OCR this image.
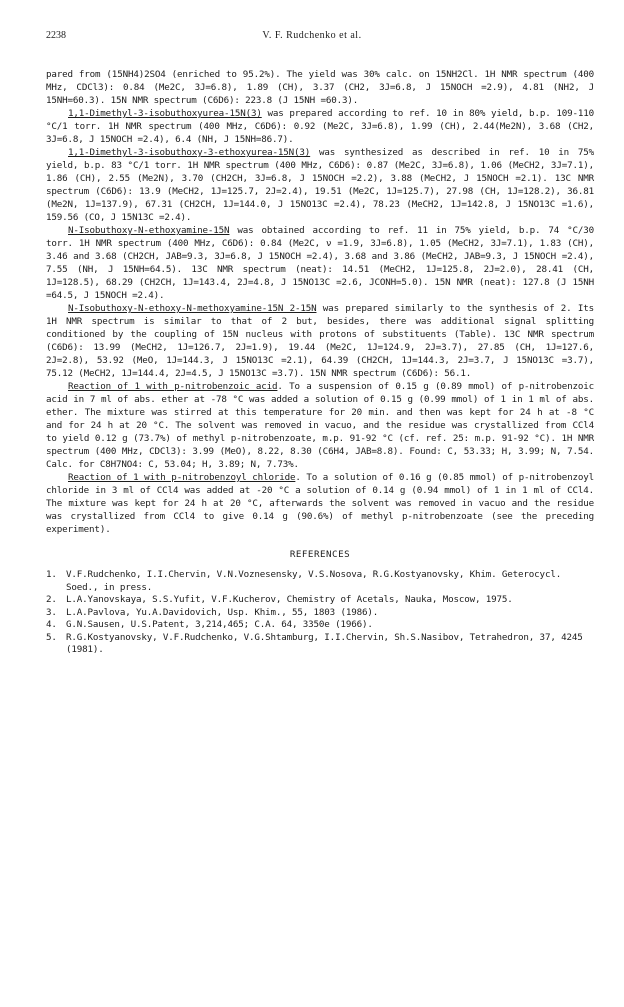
2238	V. F. Rudchenko et al.

pared from (15NH4)2SO4 (enriched to 95.2%). The yield was 30% calc. on 15NH2Cl. 1H NMR spectrum (400 MHz, CDCl3): 0.84 (Me2C, 3J=6.8), 1.89 (CH), 3.37 (CH2, 3J=6.8, J 15NOCH =2.9), 4.81 (NH2, J 15NH=60.3). 15N NMR spectrum (C6D6): 223.8 (J 15NH =60.3).

1,1-Dimethyl-3-isobuthoxyurea-15N(3) was prepared according to ref. 10 in 80% yield, b.p. 109-110 °C/1 torr. 1H NMR spectrum (400 MHz, C6D6): 0.92 (Me2C, 3J=6.8), 1.99 (CH), 2.44(Me2N), 3.68 (CH2, 3J=6.8, J 15NOCH =2.4), 6.4 (NH, J 15NH=86.7).

1,1-Dimethyl-3-isobuthoxy-3-ethoxyurea-15N(3) was synthesized as described in ref. 10 in 75% yield, b.p. 83 °C/1 torr. 1H NMR spectrum (400 MHz, C6D6): 0.87 (Me2C, 3J=6.8), 1.06 (MeCH2, 3J=7.1), 1.86 (CH), 2.55 (Me2N), 3.70 (CH2CH, 3J=6.8, J 15NOCH =2.2), 3.88 (MeCH2, J 15NOCH =2.1). 13C NMR spectrum (C6D6): 13.9 (MeCH2, 1J=125.7, 2J=2.4), 19.51 (Me2C, 1J=125.7), 27.98 (CH, 1J=128.2), 36.81 (Me2N, 1J=137.9), 67.31 (CH2CH, 1J=144.0, J 15NO13C =2.4), 78.23 (MeCH2, 1J=142.8, J 15NO13C =1.6), 159.56 (CO, J 15N13C =2.4).

N-Isobuthoxy-N-ethoxyamine-15N was obtained according to ref. 11 in 75% yield, b.p. 74 °C/30 torr. 1H NMR spectrum (400 MHz, C6D6): 0.84 (Me2C, ν =1.9, 3J=6.8), 1.05 (MeCH2, 3J=7.1), 1.83 (CH), 3.46 and 3.68 (CH2CH, JAB=9.3, 3J=6.8, J 15NOCH =2.4), 3.68 and 3.86 (MeCH2, JAB=9.3, J 15NOCH =2.4), 7.55 (NH, J 15NH=64.5). 13C NMR spectrum (neat): 14.51 (MeCH2, 1J=125.8, 2J=2.0), 28.41 (CH, 1J=128.5), 68.29 (CH2CH, 1J=143.4, 2J=4.8, J 15NO13C =2.6, JCONH=5.0). 15N NMR (neat): 127.8 (J 15NH =64.5, J 15NOCH =2.4).

N-Isobuthoxy-N-ethoxy-N-methoxyamine-15N 2-15N was prepared similarly to the synthesis of 2. Its 1H NMR spectrum is similar to that of 2 but, besides, there was additional signal splitting conditioned by the coupling of 15N nucleus with protons of substituents (Table). 13C NMR spectrum (C6D6): 13.99 (MeCH2, 1J=126.7, 2J=1.9), 19.44 (Me2C, 1J=124.9, 2J=3.7), 27.85 (CH, 1J=127.6, 2J=2.8), 53.92 (MeO, 1J=144.3, J 15NO13C =2.1), 64.39 (CH2CH, 1J=144.3, 2J=3.7, J 15NO13C =3.7), 75.12 (MeCH2, 1J=144.4, 2J=4.5, J 15NO13C =3.7). 15N NMR spectrum (C6D6): 56.1.

Reaction of 1 with p-nitrobenzoic acid. To a suspension of 0.15 g (0.89 mmol) of p-nitrobenzoic acid in 7 ml of abs. ether at -78 °C was added a solution of 0.15 g (0.99 mmol) of 1 in 1 ml of abs. ether. The mixture was stirred at this temperature for 20 min. and then was kept for 24 h at -8 °C and for 24 h at 20 °C. The solvent was removed in vacuo, and the residue was crystallized from CCl4 to yield 0.12 g (73.7%) of methyl p-nitrobenzoate, m.p. 91-92 °C (cf. ref. 25: m.p. 91-92 °C). 1H NMR spectrum (400 MHz, CDCl3): 3.99 (MeO), 8.22, 8.30 (C6H4, JAB=8.8). Found: C, 53.33; H, 3.99; N, 7.54. Calc. for C8H7NO4: C, 53.04; H, 3.89; N, 7.73%.

Reaction of 1 with p-nitrobenzoyl chloride. To a solution of 0.16 g (0.85 mmol) of p-nitrobenzoyl chloride in 3 ml of CCl4 was added at -20 °C a solution of 0.14 g (0.94 mmol) of 1 in 1 ml of CCl4. The mixture was kept for 24 h at 20 °C, afterwards the solvent was removed in vacuo and the residue was crystallized from CCl4 to give 0.14 g (90.6%) of methyl p-nitrobenzoate (see the preceding experiment).

REFERENCES
1.	V.F.Rudchenko, I.I.Chervin, V.N.Voznesensky, V.S.Nosova, R.G.Kostyanovsky, Khim. Geterocycl. Soed., in press.
2.	L.A.Yanovskaya, S.S.Yufit, V.F.Kucherov, Chemistry of Acetals, Nauka, Moscow, 1975.
3.	L.A.Pavlova, Yu.A.Davidovich, Usp. Khim., 55, 1803 (1986).
4.	G.N.Sausen, U.S.Patent, 3,214,465; C.A. 64, 3350e (1966).
5.	R.G.Kostyanovsky, V.F.Rudchenko, V.G.Shtamburg, I.I.Chervin, Sh.S.Nasibov, Tetrahedron, 37, 4245 (1981).
